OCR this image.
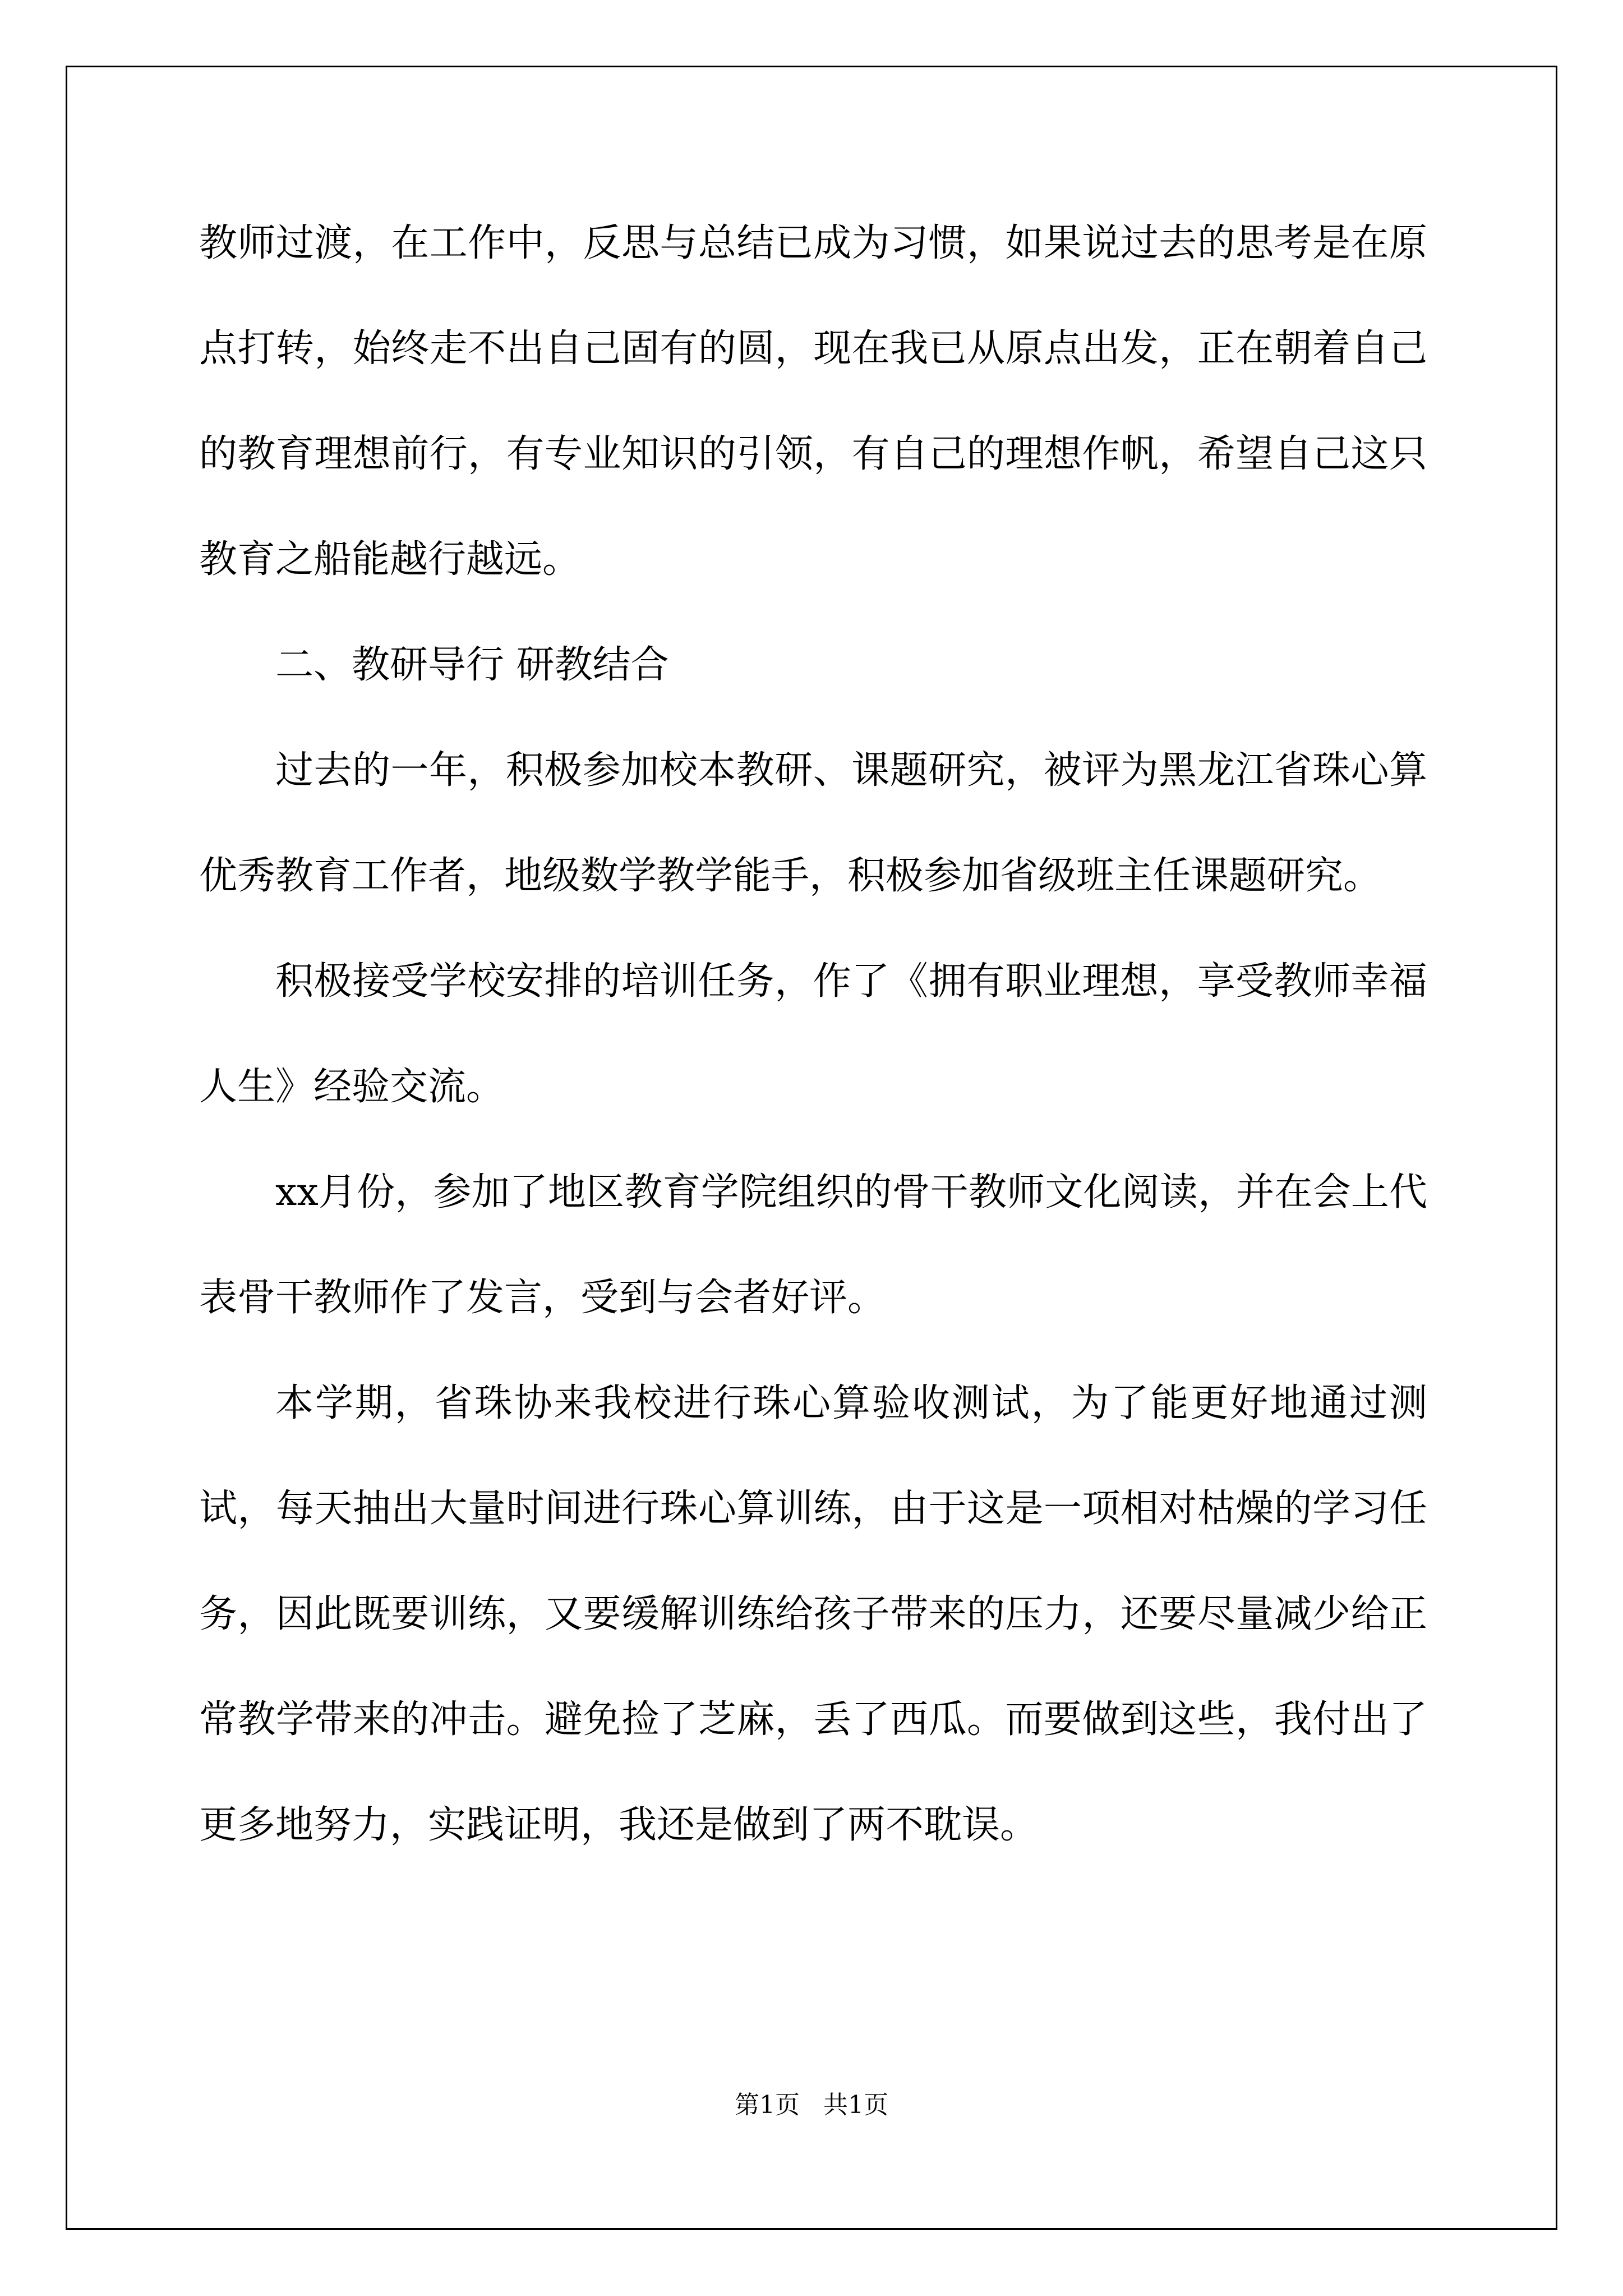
教师过渡，在工作中，反思与总结已成为习惯，如果说过去的思考是在原点打转，始终走不出自己固有的圆，现在我已从原点出发，正在朝着自己的教育理想前行，有专业知识的引领，有自己的理想作帆，希望自己这只教育之船能越行越远。

二、教研导行 研教结合

过去的一年，积极参加校本教研、课题研究，被评为黑龙江省珠心算优秀教育工作者，地级数学教学能手，积极参加省级班主任课题研究。

积极接受学校安排的培训任务，作了《拥有职业理想，享受教师幸福人生》经验交流。

xx月份，参加了地区教育学院组织的骨干教师文化阅读，并在会上代表骨干教师作了发言，受到与会者好评。

本学期，省珠协来我校进行珠心算验收测试，为了能更好地通过测试，每天抽出大量时间进行珠心算训练，由于这是一项相对枯燥的学习任务，因此既要训练，又要缓解训练给孩子带来的压力，还要尽量减少给正常教学带来的冲击。避免捡了芝麻，丢了西瓜。而要做到这些，我付出了更多地努力，实践证明，我还是做到了两不耽误。

第1页 共1页
